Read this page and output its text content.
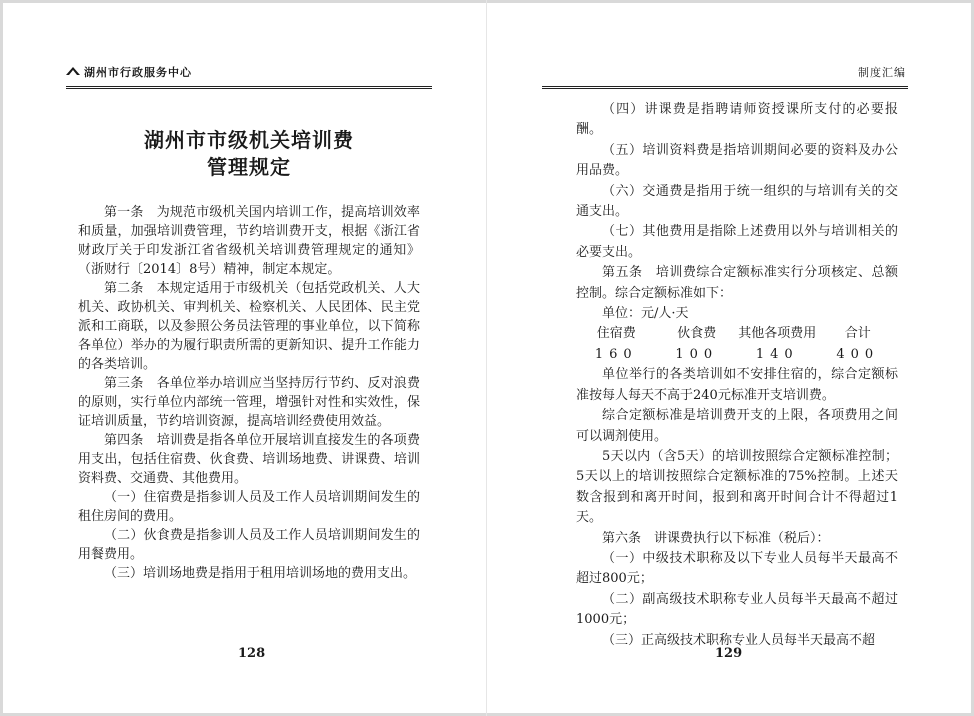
湖州市行政服务中心
湖州市市级机关培训费
管理规定

第一条　为规范市级机关国内培训工作，提高培训效率和质量，加强培训费管理，节约培训费开支，根据《浙江省财政厅关于印发浙江省省级机关培训费管理规定的通知》（浙财行〔2014〕8号）精神，制定本规定。

第二条　本规定适用于市级机关（包括党政机关、人大机关、政协机关、审判机关、检察机关、人民团体、民主党派和工商联，以及参照公务员法管理的事业单位，以下简称各单位）举办的为履行职责所需的更新知识、提升工作能力的各类培训。

第三条　各单位举办培训应当坚持厉行节约、反对浪费的原则，实行单位内部统一管理，增强针对性和实效性，保证培训质量，节约培训资源，提高培训经费使用效益。

第四条　培训费是指各单位开展培训直接发生的各项费用支出，包括住宿费、伙食费、培训场地费、讲课费、培训资料费、交通费、其他费用。

（一）住宿费是指参训人员及工作人员培训期间发生的租住房间的费用。

（二）伙食费是指参训人员及工作人员培训期间发生的用餐费用。

（三）培训场地费是指用于租用培训场地的费用支出。

128
制度汇编

（四）讲课费是指聘请师资授课所支付的必要报酬。

（五）培训资料费是指培训期间必要的资料及办公用品费。

（六）交通费是指用于统一组织的与培训有关的交通支出。

（七）其他费用是指除上述费用以外与培训相关的必要支出。

第五条　培训费综合定额标准实行分项核定、总额控制。综合定额标准如下：

单位：元/人·天

住宿费	伙食费	其他各项费用	合计
160	100	140	400

单位举行的各类培训如不安排住宿的，综合定额标准按每人每天不高于240元标准开支培训费。

综合定额标准是培训费开支的上限，各项费用之间可以调剂使用。

5天以内（含5天）的培训按照综合定额标准控制；5天以上的培训按照综合定额标准的75%控制。上述天数含报到和离开时间，报到和离开时间合计不得超过1天。

第六条　讲课费执行以下标准（税后）：

（一）中级技术职称及以下专业人员每半天最高不超过800元；

（二）副高级技术职称专业人员每半天最高不超过1000元；

（三）正高级技术职称专业人员每半天最高不超

129
